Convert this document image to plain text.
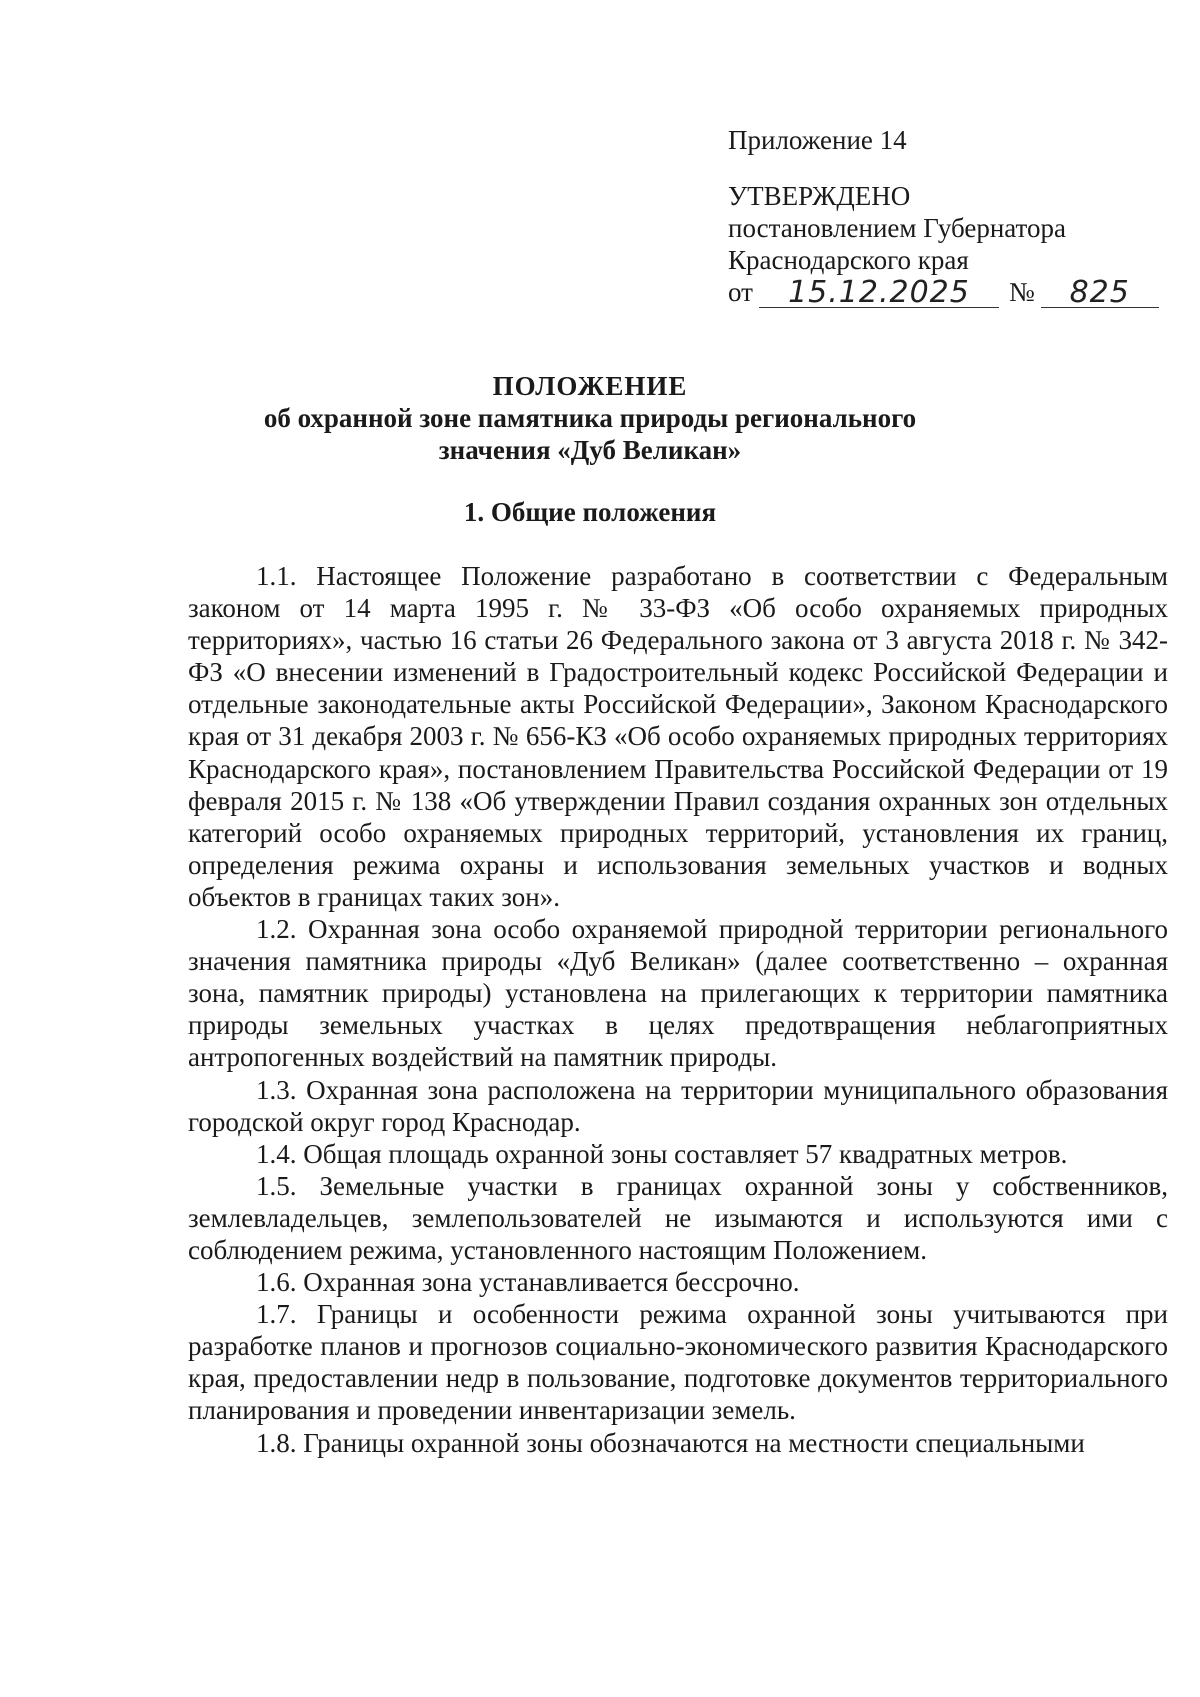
Приложение 14
УТВЕРЖДЕНО
постановлением Губернатора
Краснодарского края
от	15.12.2025	№	825
ПОЛОЖЕНИЕ
об охранной зоне памятника природы регионального
значения «Дуб Великан»
1. Общие положения

1.1. Настоящее Положение разработано в соответствии с Федеральным законом от 14 марта 1995 г. № 33-ФЗ «Об особо охраняемых природных территориях», частью 16 статьи 26 Федерального закона от 3 августа 2018 г. № 342-ФЗ «О внесении изменений в Градостроительный кодекс Российской Федерации и отдельные законодательные акты Российской Федерации», Законом Краснодарского края от 31 декабря 2003 г. № 656-КЗ «Об особо охраняемых природных территориях Краснодарского края», постановлением Правительства Российской Федерации от 19 февраля 2015 г. № 138 «Об утверждении Правил создания охранных зон отдельных категорий особо охраняемых природных территорий, установления их границ, определения режима охраны и использования земельных участков и водных объектов в границах таких зон».

1.2. Охранная зона особо охраняемой природной территории регионального значения памятника природы «Дуб Великан» (далее соответственно – охранная зона, памятник природы) установлена на прилегающих к территории памятника природы земельных участках в целях предотвращения неблагоприятных антропогенных воздействий на памятник природы.

1.3. Охранная зона расположена на территории муниципального образования городской округ город Краснодар.

1.4. Общая площадь охранной зоны составляет 57 квадратных метров.

1.5. Земельные участки в границах охранной зоны у собственников, землевладельцев, землепользователей не изымаются и используются ими с соблюдением режима, установленного настоящим Положением.

1.6. Охранная зона устанавливается бессрочно.

1.7. Границы и особенности режима охранной зоны учитываются при разработке планов и прогнозов социально-экономического развития Краснодарского края, предоставлении недр в пользование, подготовке документов территориального планирования и проведении инвентаризации земель.

1.8. Границы охранной зоны обозначаются на местности специальными
